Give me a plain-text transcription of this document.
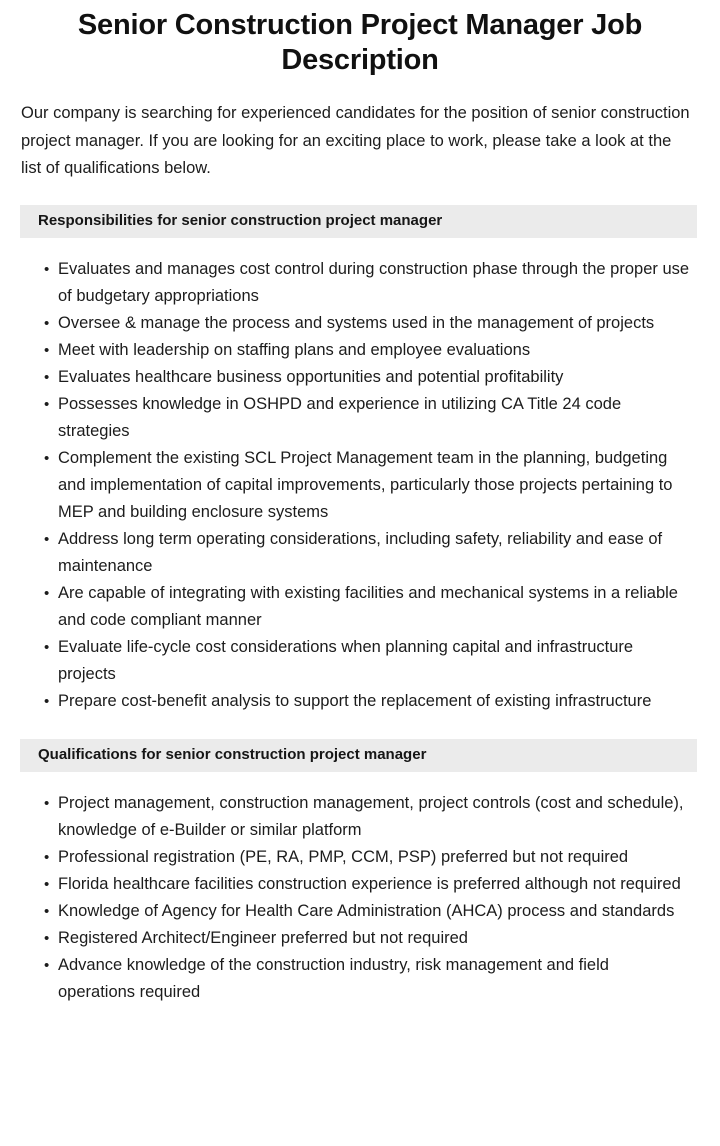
Senior Construction Project Manager Job Description

Our company is searching for experienced candidates for the position of senior construction project manager. If you are looking for an exciting place to work, please take a look at the list of qualifications below.

Responsibilities for senior construction project manager
• Evaluates and manages cost control during construction phase through the proper use of budgetary appropriations
• Oversee & manage the process and systems used in the management of projects
• Meet with leadership on staffing plans and employee evaluations
• Evaluates healthcare business opportunities and potential profitability
• Possesses knowledge in OSHPD and experience in utilizing CA Title 24 code strategies
• Complement the existing SCL Project Management team in the planning, budgeting and implementation of capital improvements, particularly those projects pertaining to MEP and building enclosure systems
• Address long term operating considerations, including safety, reliability and ease of maintenance
• Are capable of integrating with existing facilities and mechanical systems in a reliable and code compliant manner
• Evaluate life-cycle cost considerations when planning capital and infrastructure projects
• Prepare cost-benefit analysis to support the replacement of existing infrastructure
Qualifications for senior construction project manager
• Project management, construction management, project controls (cost and schedule), knowledge of e-Builder or similar platform
• Professional registration (PE, RA, PMP, CCM, PSP) preferred but not required
• Florida healthcare facilities construction experience is preferred although not required
• Knowledge of Agency for Health Care Administration (AHCA) process and standards
• Registered Architect/Engineer preferred but not required
• Advance knowledge of the construction industry, risk management and field operations required
